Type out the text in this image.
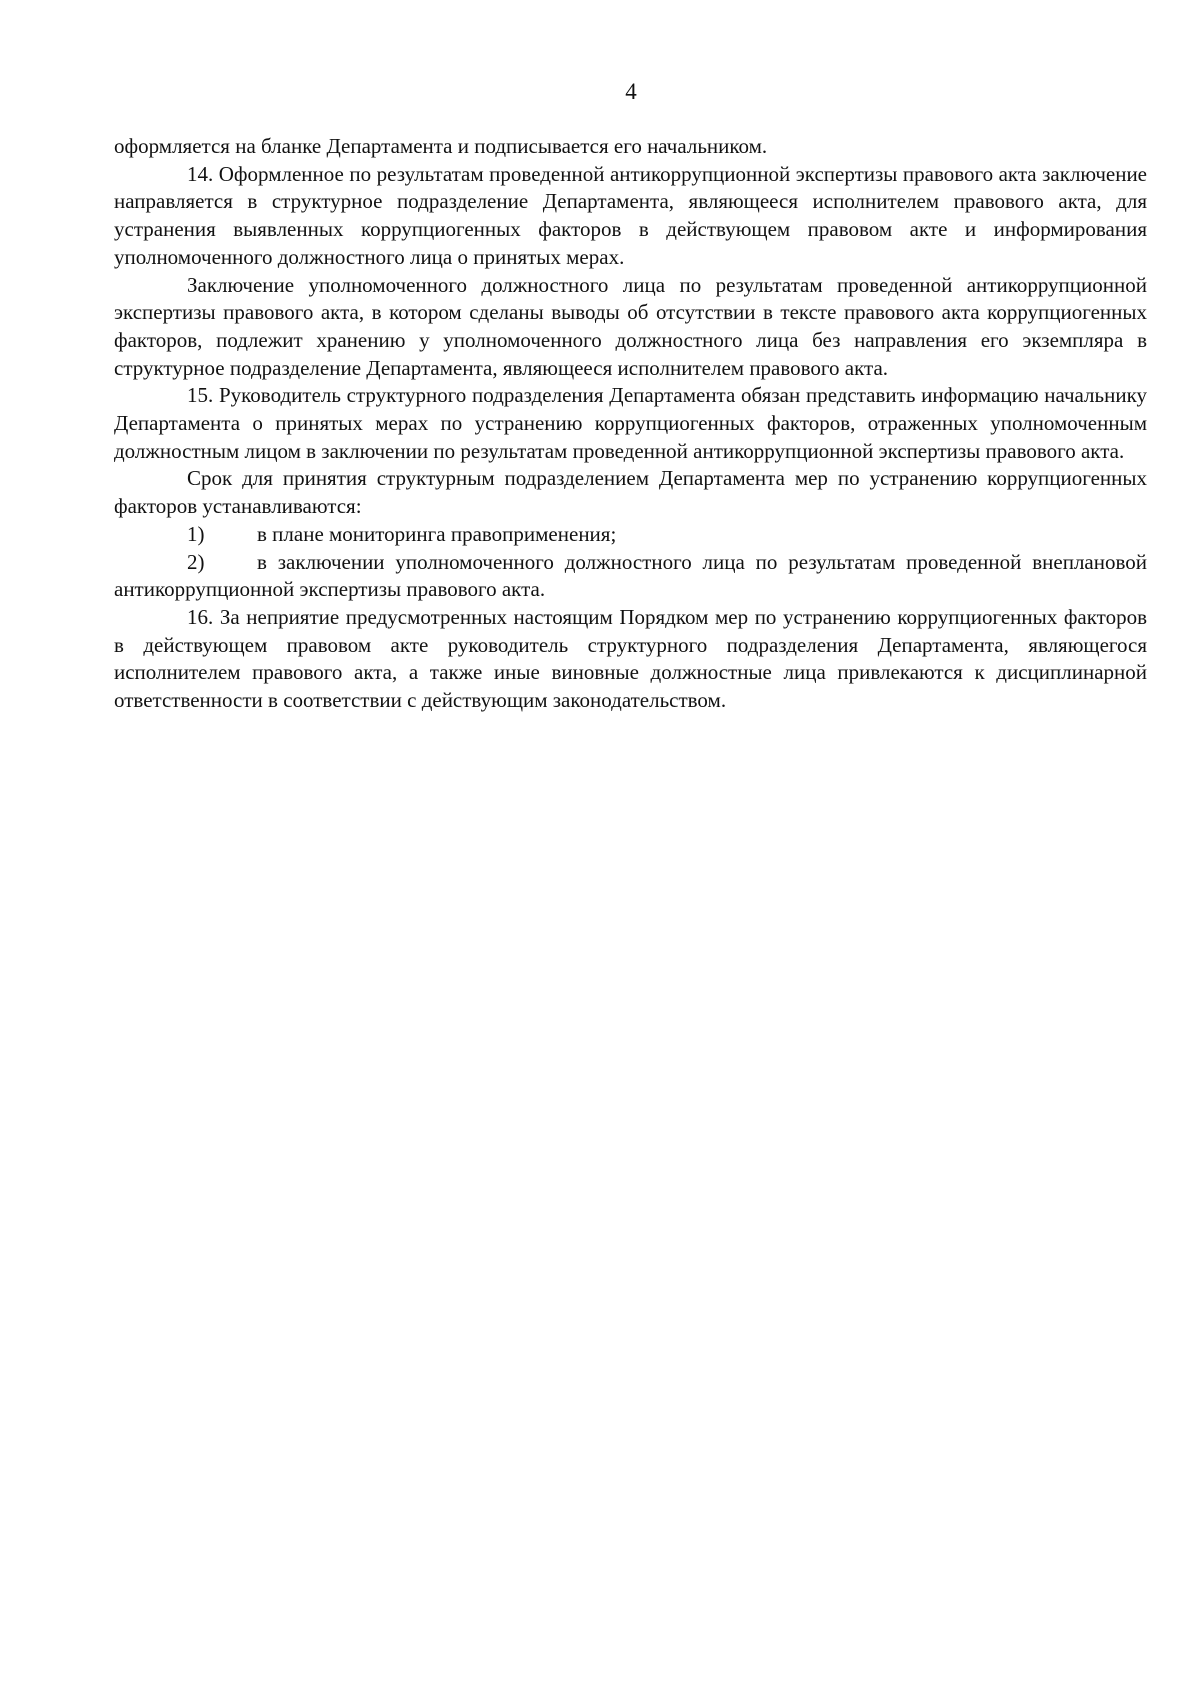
4

оформляется на бланке Департамента и подписывается его начальником.

14. Оформленное по результатам проведенной антикоррупционной экспертизы правового акта заключение направляется в структурное подразделение Департамента, являющееся исполнителем правового акта, для устранения выявленных коррупциогенных факторов в действующем правовом акте и информирования уполномоченного должностного лица о принятых мерах.

Заключение уполномоченного должностного лица по результатам проведенной антикоррупционной экспертизы правового акта, в котором сделаны выводы об отсутствии в тексте правового акта коррупциогенных факторов, подлежит хранению у уполномоченного должностного лица без направления его экземпляра в структурное подразделение Департамента, являющееся исполнителем правового акта.

15. Руководитель структурного подразделения Департамента обязан представить информацию начальнику Департамента о принятых мерах по устранению коррупциогенных факторов, отраженных уполномоченным должностным лицом в заключении по результатам проведенной антикоррупционной экспертизы правового акта.

Срок для принятия структурным подразделением Департамента мер по устранению коррупциогенных факторов устанавливаются:

1)	в плане мониторинга правоприменения;

2)	в заключении уполномоченного должностного лица по результатам проведенной внеплановой антикоррупционной экспертизы правового акта.

16. За неприятие предусмотренных настоящим Порядком мер по устранению коррупциогенных факторов в действующем правовом акте руководитель структурного подразделения Департамента, являющегося исполнителем правового акта, а также иные виновные должностные лица привлекаются к дисциплинарной ответственности в соответствии с действующим законодательством.
